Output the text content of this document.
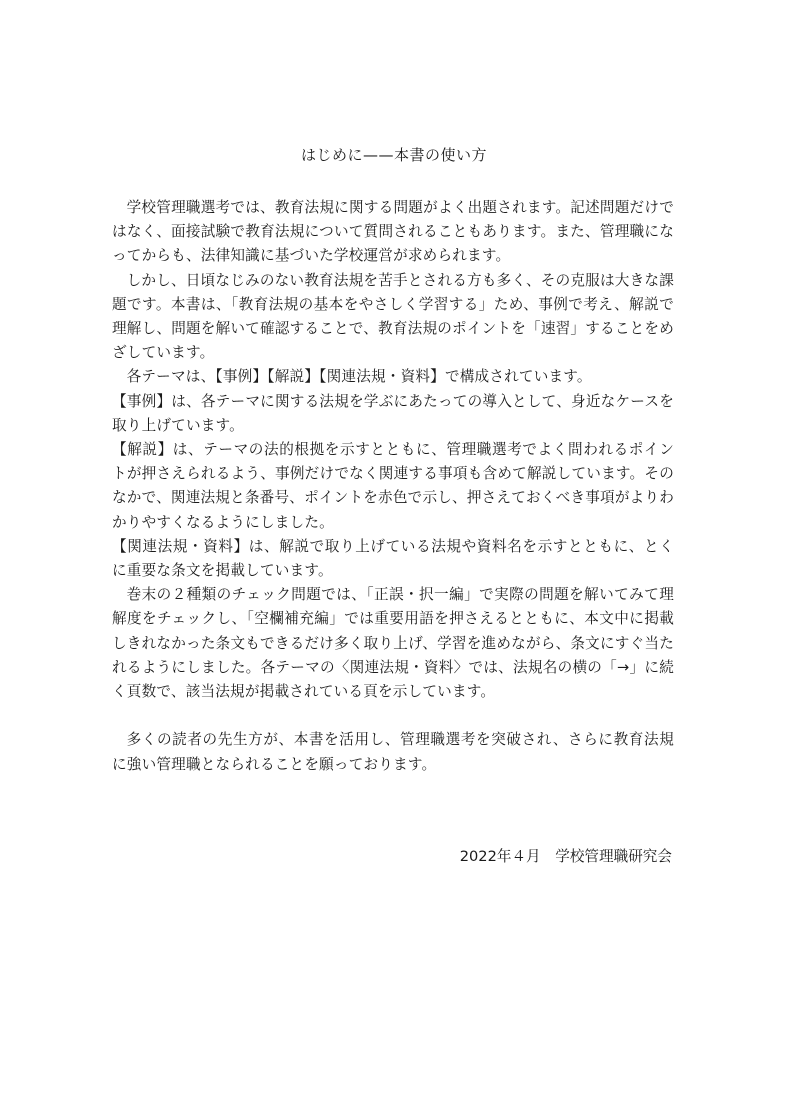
はじめに——本書の使い方

学校管理職選考では、教育法規に関する問題がよく出題されます。記述問題だけではなく、面接試験で教育法規について質問されることもあります。また、管理職になってからも、法律知識に基づいた学校運営が求められます。

しかし、日頃なじみのない教育法規を苦手とされる方も多く、その克服は大きな課題です。本書は、「教育法規の基本をやさしく学習する」ため、事例で考え、解説で理解し、問題を解いて確認することで、教育法規のポイントを「速習」することをめざしています。

各テーマは、【事例】【解説】【関連法規・資料】で構成されています。

【事例】は、各テーマに関する法規を学ぶにあたっての導入として、身近なケースを取り上げています。

【解説】は、テーマの法的根拠を示すとともに、管理職選考でよく問われるポイントが押さえられるよう、事例だけでなく関連する事項も含めて解説しています。そのなかで、関連法規と条番号、ポイントを赤色で示し、押さえておくべき事項がよりわかりやすくなるようにしました。

【関連法規・資料】は、解説で取り上げている法規や資料名を示すとともに、とくに重要な条文を掲載しています。

巻末の２種類のチェック問題では、「正誤・択一編」で実際の問題を解いてみて理解度をチェックし、「空欄補充編」では重要用語を押さえるとともに、本文中に掲載しきれなかった条文もできるだけ多く取り上げ、学習を進めながら、条文にすぐ当たれるようにしました。各テーマの〈関連法規・資料〉では、法規名の横の「→」に続く頁数で、該当法規が掲載されている頁を示しています。

多くの読者の先生方が、本書を活用し、管理職選考を突破され、さらに教育法規に強い管理職となられることを願っております。

2022年４月　学校管理職研究会
